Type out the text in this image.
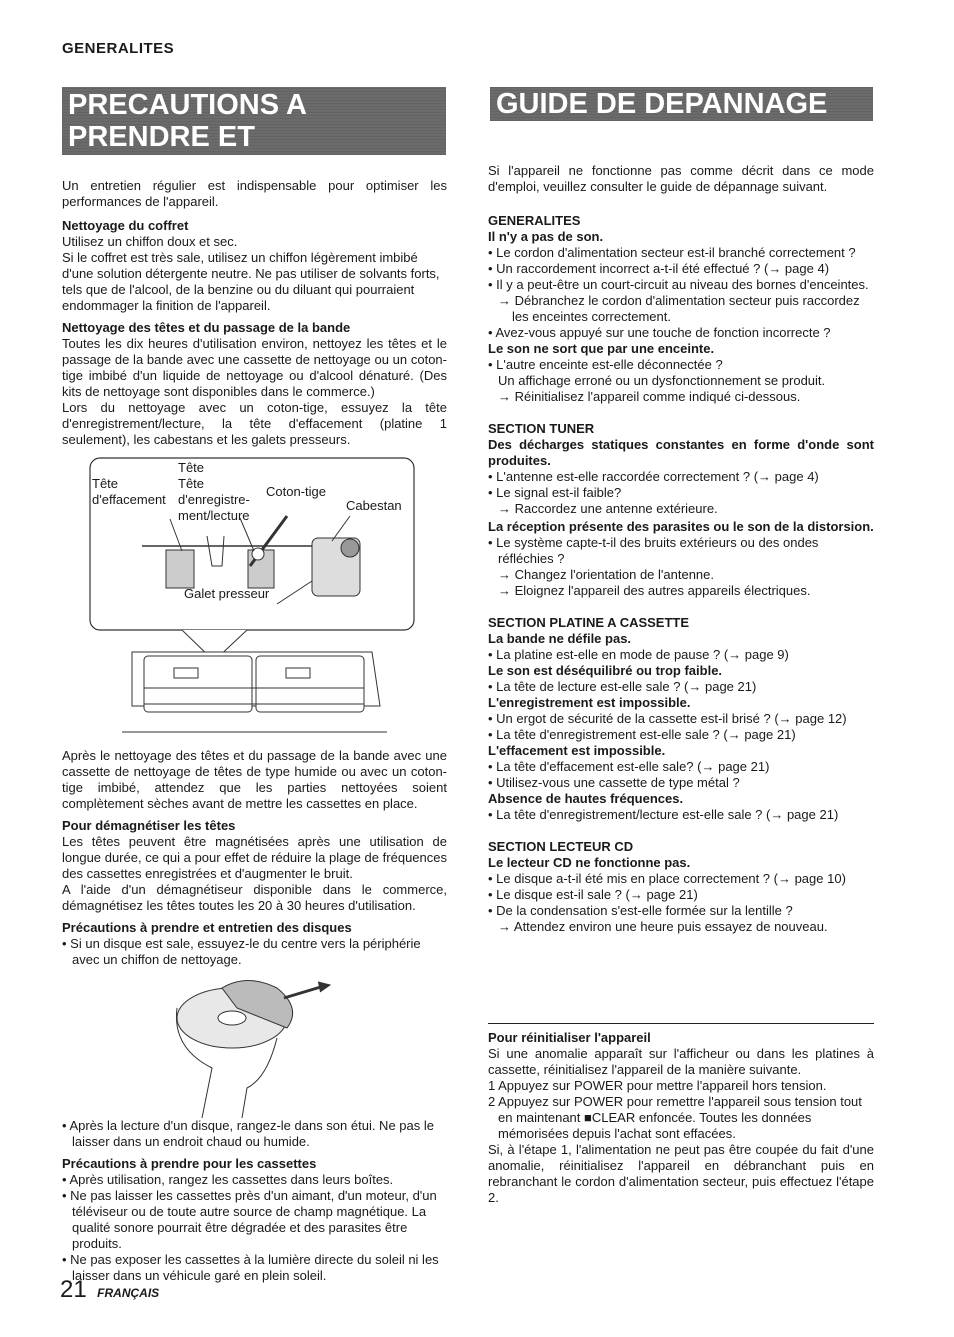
GENERALITES
PRECAUTIONS A PRENDRE ET
ENTRETIEN
GUIDE DE DEPANNAGE

Un entretien régulier est indispensable pour optimiser les performances de l'appareil.

Nettoyage du coffret

Utilisez un chiffon doux et sec.

Si le coffret est très sale, utilisez un chiffon légèrement imbibé d'une solution détergente neutre. Ne pas utiliser de solvants forts, tels que de l'alcool, de la benzine ou du diluant qui pourraient endommager la finition de l'appareil.

Nettoyage des têtes et du passage de la bande

Toutes les dix heures d'utilisation environ, nettoyez les têtes et le passage de la bande avec une cassette de nettoyage ou un coton-tige imbibé d'un liquide de nettoyage ou d'alcool dénaturé. (Des kits de nettoyage sont disponibles dans le commerce.)

Lors du nettoyage avec un coton-tige, essuyez la tête d'enregistrement/lecture, la tête d'effacement (platine 1 seulement), les cabestans et les galets presseurs.

Tête
Tête d'effacement
Tête d'enregistre-ment/lecture
Coton-tige
Cabestan
Galet presseur

Après le nettoyage des têtes et du passage de la bande avec une cassette de nettoyage de têtes de type humide ou avec un coton-tige imbibé, attendez que les parties nettoyées soient complètement sèches avant de mettre les cassettes en place.

Pour démagnétiser les têtes

Les têtes peuvent être magnétisées après une utilisation de longue durée, ce qui a pour effet de réduire la plage de fréquences des cassettes enregistrées et d'augmenter le bruit.

A l'aide d'un démagnétiseur disponible dans le commerce, démagnétisez les têtes toutes les 20 à 30 heures d'utilisation.

Précautions à prendre et entretien des disques

• Si un disque est sale, essuyez-le du centre vers la périphérie avec un chiffon de nettoyage.

• Après la lecture d'un disque, rangez-le dans son étui. Ne pas le laisser dans un endroit chaud ou humide.

Précautions à prendre pour les cassettes

• Après utilisation, rangez les cassettes dans leurs boîtes.

• Ne pas laisser les cassettes près d'un aimant, d'un moteur, d'un téléviseur ou de toute autre source de champ magnétique. La qualité sonore pourrait être dégradée et des parasites être produits.

• Ne pas exposer les cassettes à la lumière directe du soleil ni les laisser dans un véhicule garé en plein soleil.

Si l'appareil ne fonctionne pas comme décrit dans ce mode d'emploi, veuillez consulter le guide de dépannage suivant.

GENERALITES

Il n'y a pas de son.

• Le cordon d'alimentation secteur est-il branché correctement ?

• Un raccordement incorrect a-t-il été effectué ? (→ page 4)

• Il y a peut-être un court-circuit au niveau des bornes d'enceintes.

→ Débranchez le cordon d'alimentation secteur puis raccordez les enceintes correctement.

• Avez-vous appuyé sur une touche de fonction incorrecte ?

Le son ne sort que par une enceinte.

• L'autre enceinte est-elle déconnectée ?

Un affichage erroné ou un dysfonctionnement se produit.

→ Réinitialisez l'appareil comme indiqué ci-dessous.

SECTION TUNER

Des décharges statiques constantes en forme d'onde sont produites.

• L'antenne est-elle raccordée correctement ? (→ page 4)

• Le signal est-il faible?

→ Raccordez une antenne extérieure.

La réception présente des parasites ou le son de la distorsion.

• Le système capte-t-il des bruits extérieurs ou des ondes réfléchies ?

→ Changez l'orientation de l'antenne.

→ Eloignez l'appareil des autres appareils électriques.

SECTION PLATINE A CASSETTE

La bande ne défile pas.

• La platine est-elle en mode de pause ? (→ page 9)

Le son est déséquilibré ou trop faible.

• La tête de lecture est-elle sale ? (→ page 21)

L'enregistrement est impossible.

• Un ergot de sécurité de la cassette est-il brisé ? (→ page 12)

• La tête d'enregistrement est-elle sale ? (→ page 21)

L'effacement est impossible.

• La tête d'effacement est-elle sale? (→ page 21)

• Utilisez-vous une cassette de type métal ?

Absence de hautes fréquences.

• La tête d'enregistrement/lecture est-elle sale ? (→ page 21)

SECTION LECTEUR CD

Le lecteur CD ne fonctionne pas.

• Le disque a-t-il été mis en place correctement ? (→ page 10)

• Le disque est-il sale ? (→ page 21)

• De la condensation s'est-elle formée sur la lentille ?

→ Attendez environ une heure puis essayez de nouveau.

Pour réinitialiser l'appareil

Si une anomalie apparaît sur l'afficheur ou dans les platines à cassette, réinitialisez l'appareil de la manière suivante.

1 Appuyez sur POWER pour mettre l'appareil hors tension.

2 Appuyez sur POWER pour remettre l'appareil sous tension tout en maintenant ■CLEAR enfoncée. Toutes les données mémorisées depuis l'achat sont effacées.

Si, à l'étape 1, l'alimentation ne peut pas être coupée du fait d'une anomalie, réinitialisez l'appareil en débranchant puis en rebranchant le cordon d'alimentation secteur, puis effectuez l'étape 2.

21 FRANÇAIS
